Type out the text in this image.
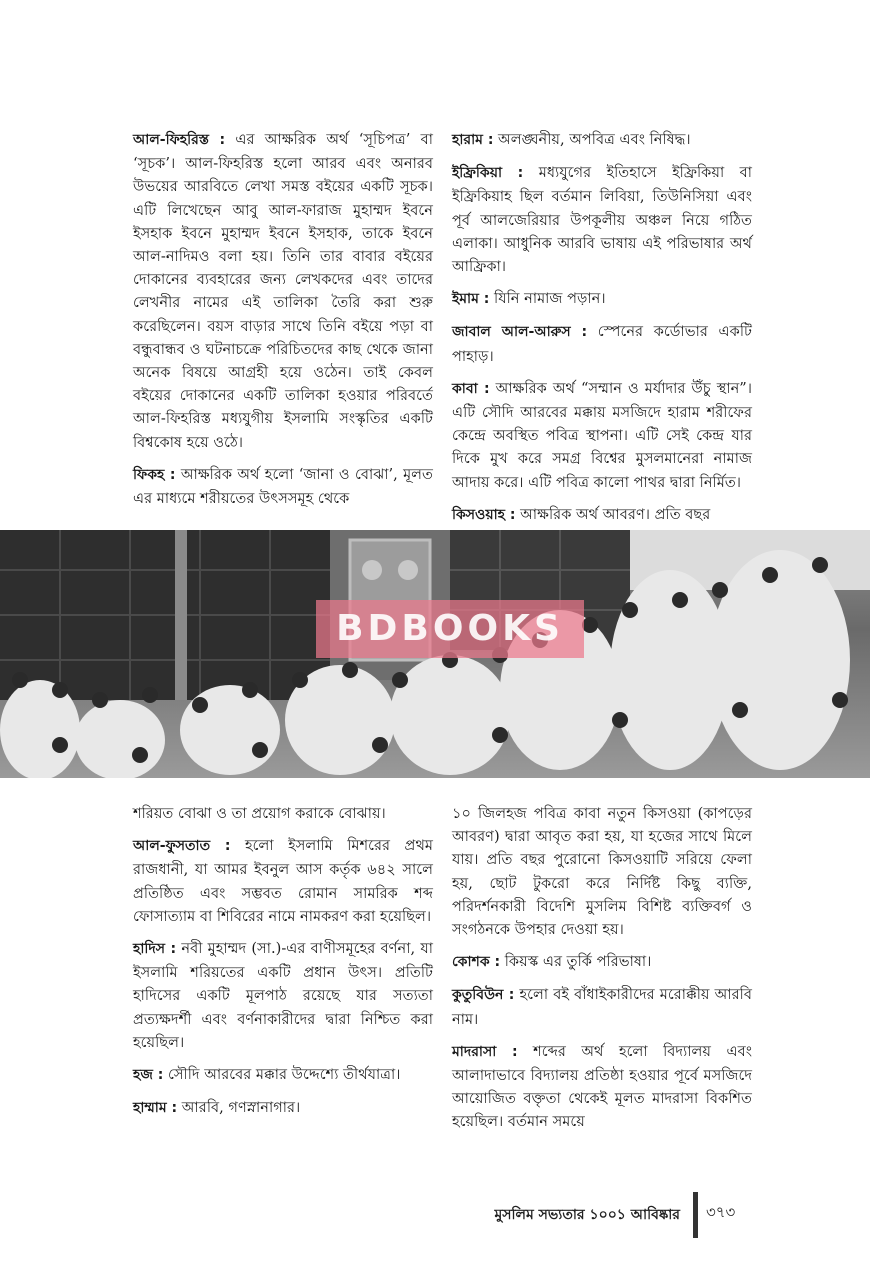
আল-ফিহরিস্ত : এর আক্ষরিক অর্থ ‘সূচিপত্র’ বা ‘সূচক’। আল-ফিহরিস্ত হলো আরব এবং অনারব উভয়ের আরবিতে লেখা সমস্ত বইয়ের একটি সূচক। এটি লিখেছেন আবু আল-ফারাজ মুহাম্মদ ইবনে ইসহাক ইবনে মুহাম্মদ ইবনে ইসহাক, তাকে ইবনে আল-নাদিমও বলা হয়। তিনি তার বাবার বইয়ের দোকানের ব্যবহারের জন্য লেখকদের এবং তাদের লেখনীর নামের এই তালিকা তৈরি করা শুরু করেছিলেন। বয়স বাড়ার সাথে তিনি বইয়ে পড়া বা বন্ধুবান্ধব ও ঘটনাচক্রে পরিচিতদের কাছ থেকে জানা অনেক বিষয়ে আগ্রহী হয়ে ওঠেন। তাই কেবল বইয়ের দোকানের একটি তালিকা হওয়ার পরিবর্তে আল-ফিহরিস্ত মধ্যযুগীয় ইসলামি সংস্কৃতির একটি বিশ্বকোষ হয়ে ওঠে।

ফিকহ : আক্ষরিক অর্থ হলো ‘জানা ও বোঝা’, মূলত এর মাধ্যমে শরীয়তের উৎসসমূহ থেকে

হারাম : অলঙ্ঘনীয়, অপবিত্র এবং নিষিদ্ধ।

ইফ্রিকিয়া : মধ্যযুগের ইতিহাসে ইফ্রিকিয়া বা ইফ্রিকিয়াহ ছিল বর্তমান লিবিয়া, তিউনিসিয়া এবং পূর্ব আলজেরিয়ার উপকূলীয় অঞ্চল নিয়ে গঠিত এলাকা। আধুনিক আরবি ভাষায় এই পরিভাষার অর্থ আফ্রিকা।

ইমাম : যিনি নামাজ পড়ান।

জাবাল আল-আরুস : স্পেনের কর্ডোভার একটি পাহাড়।

কাবা : আক্ষরিক অর্থ “সম্মান ও মর্যাদার উঁচু স্থান”। এটি সৌদি আরবের মক্কায় মসজিদে হারাম শরীফের কেন্দ্রে অবস্থিত পবিত্র স্থাপনা। এটি সেই কেন্দ্র যার দিকে মুখ করে সমগ্র বিশ্বের মুসলমানেরা নামাজ আদায় করে। এটি পবিত্র কালো পাথর দ্বারা নির্মিত।

কিসওয়াহ : আক্ষরিক অর্থ আবরণ। প্রতি বছর

BDBOOKS

শরিয়ত বোঝা ও তা প্রয়োগ করাকে বোঝায়।

আল-ফুসতাত : হলো ইসলামি মিশরের প্রথম রাজধানী, যা আমর ইবনুল আস কর্তৃক ৬৪২ সালে প্রতিষ্ঠিত এবং সম্ভবত রোমান সামরিক শব্দ ফোসাত্যাম বা শিবিরের নামে নামকরণ করা হয়েছিল।

হাদিস : নবী মুহাম্মদ (সা.)-এর বাণীসমূহের বর্ণনা, যা ইসলামি শরিয়তের একটি প্রধান উৎস। প্রতিটি হাদিসের একটি মূলপাঠ রয়েছে যার সত্যতা প্রত্যক্ষদর্শী এবং বর্ণনাকারীদের দ্বারা নিশ্চিত করা হয়েছিল।

হজ : সৌদি আরবের মক্কার উদ্দেশ্যে তীর্থযাত্রা।

হাম্মাম : আরবি, গণস্নানাগার।

১০ জিলহজ পবিত্র কাবা নতুন কিসওয়া (কাপড়ের আবরণ) দ্বারা আবৃত করা হয়, যা হজের সাথে মিলে যায়। প্রতি বছর পুরোনো কিসওয়াটি সরিয়ে ফেলা হয়, ছোট টুকরো করে নির্দিষ্ট কিছু ব্যক্তি, পরিদর্শনকারী বিদেশি মুসলিম বিশিষ্ট ব্যক্তিবর্গ ও সংগঠনকে উপহার দেওয়া হয়।

কোশক : কিয়স্ক এর তুর্কি পরিভাষা।

কুতুবিউন : হলো বই বাঁধাইকারীদের মরোক্কীয় আরবি নাম।

মাদরাসা : শব্দের অর্থ হলো বিদ্যালয় এবং আলাদাভাবে বিদ্যালয় প্রতিষ্ঠা হওয়ার পূর্বে মসজিদে আয়োজিত বক্তৃতা থেকেই মূলত মাদরাসা বিকশিত হয়েছিল। বর্তমান সময়ে

মুসলিম সভ্যতার ১০০১ আবিষ্কার ৩৭৩
